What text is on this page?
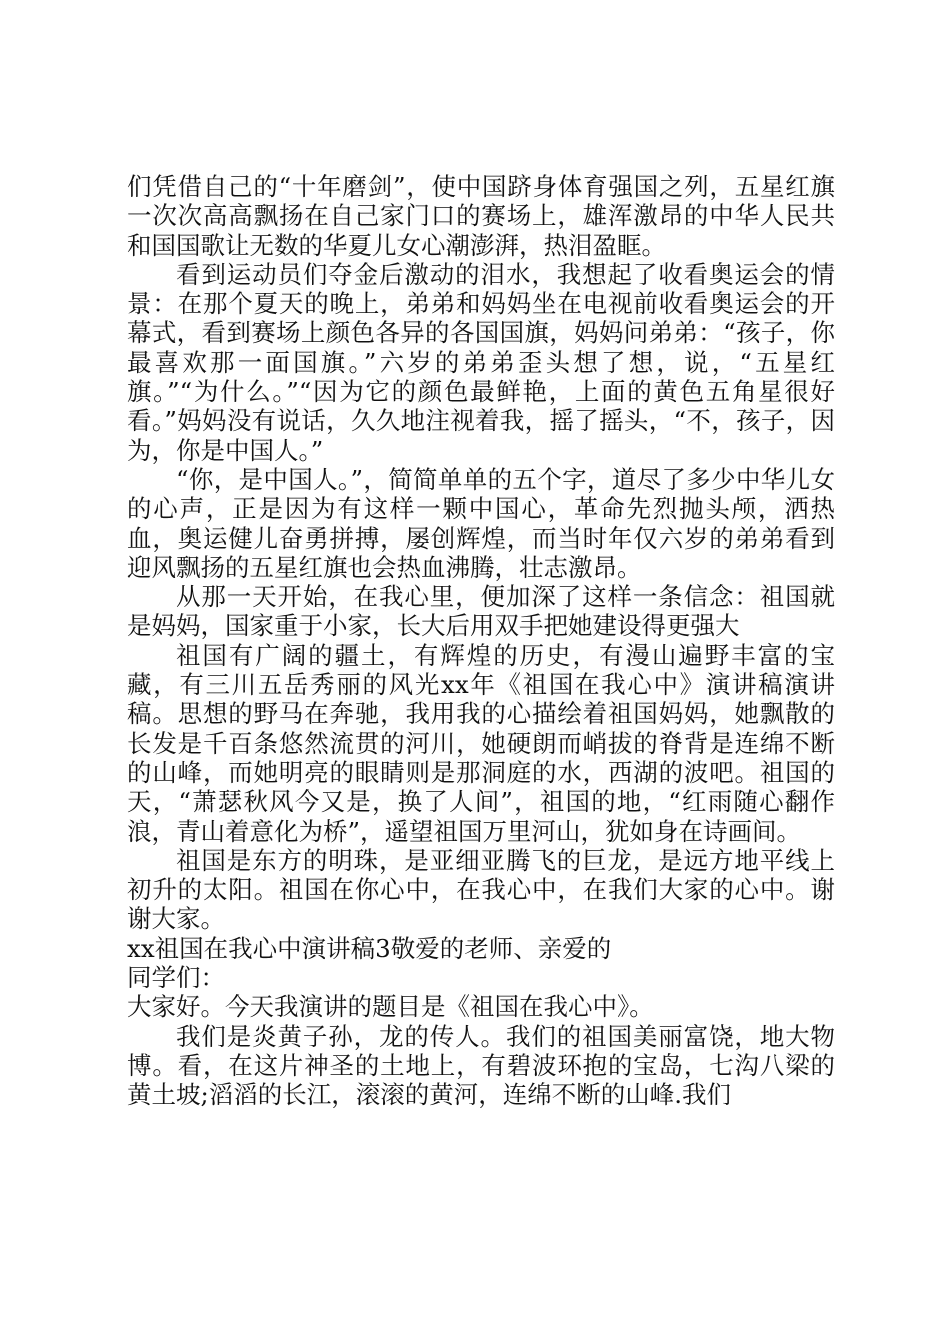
们凭借自己的“十年磨剑”，使中国跻身体育强国之列，五星红旗一次次高高飘扬在自己家门口的赛场上，雄浑激昂的中华人民共和国国歌让无数的华夏儿女心潮澎湃，热泪盈眶。

看到运动员们夺金后激动的泪水，我想起了收看奥运会的情景：在那个夏天的晚上，弟弟和妈妈坐在电视前收看奥运会的开幕式，看到赛场上颜色各异的各国国旗，妈妈问弟弟：“孩子，你最喜欢那一面国旗。”六岁的弟弟歪头想了想，说，“五星红旗。”“为什么。”“因为它的颜色最鲜艳，上面的黄色五角星很好看。”妈妈没有说话，久久地注视着我，摇了摇头，“不，孩子，因为，你是中国人。”

“你，是中国人。”，简简单单的五个字，道尽了多少中华儿女的心声，正是因为有这样一颗中国心，革命先烈抛头颅，洒热血，奥运健儿奋勇拼搏，屡创辉煌，而当时年仅六岁的弟弟看到迎风飘扬的五星红旗也会热血沸腾，壮志激昂。

从那一天开始，在我心里，便加深了这样一条信念：祖国就是妈妈，国家重于小家，长大后用双手把她建设得更强大

祖国有广阔的疆土，有辉煌的历史，有漫山遍野丰富的宝藏，有三川五岳秀丽的风光xx年《祖国在我心中》演讲稿演讲稿。思想的野马在奔驰，我用我的心描绘着祖国妈妈，她飘散的长发是千百条悠然流贯的河川，她硬朗而峭拔的脊背是连绵不断的山峰，而她明亮的眼睛则是那洞庭的水，西湖的波吧。祖国的天，“萧瑟秋风今又是，换了人间”，祖国的地，“红雨随心翻作浪，青山着意化为桥”，遥望祖国万里河山，犹如身在诗画间。

祖国是东方的明珠，是亚细亚腾飞的巨龙，是远方地平线上初升的太阳。祖国在你心中，在我心中，在我们大家的心中。谢谢大家。

xx祖国在我心中演讲稿3敬爱的老师、亲爱的

同学们：

大家好。今天我演讲的题目是《祖国在我心中》。

我们是炎黄子孙，龙的传人。我们的祖国美丽富饶，地大物博。看，在这片神圣的土地上，有碧波环抱的宝岛，七沟八梁的黄土坡;滔滔的长江，滚滚的黄河，连绵不断的山峰.我们
